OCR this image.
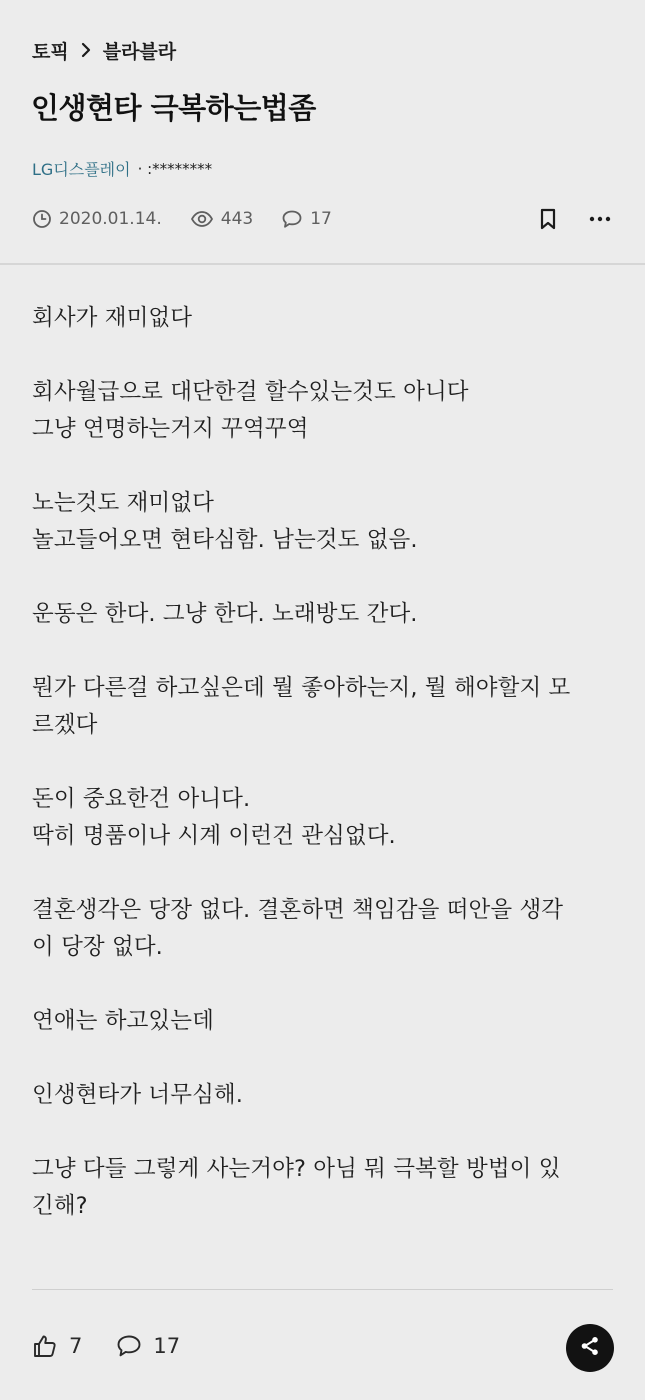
토픽 블라블라
인생현타 극복하는법좀
LG디스플레이 · :********
2020.01.14.	443	17
회사가 재미없다
회사월급으로 대단한걸 할수있는것도 아니다
그냥 연명하는거지 꾸역꾸역
노는것도 재미없다
놀고들어오면 현타심함. 남는것도 없음.
운동은 한다. 그냥 한다. 노래방도 간다.
뭔가 다른걸 하고싶은데 뭘 좋아하는지, 뭘 해야할지 모
르겠다
돈이 중요한건 아니다.
딱히 명품이나 시계 이런건 관심없다.
결혼생각은 당장 없다. 결혼하면 책임감을 떠안을 생각
이 당장 없다.
연애는 하고있는데
인생현타가 너무심해.
그냥 다들 그렇게 사는거야? 아님 뭐 극복할 방법이 있
긴해?
7	17
